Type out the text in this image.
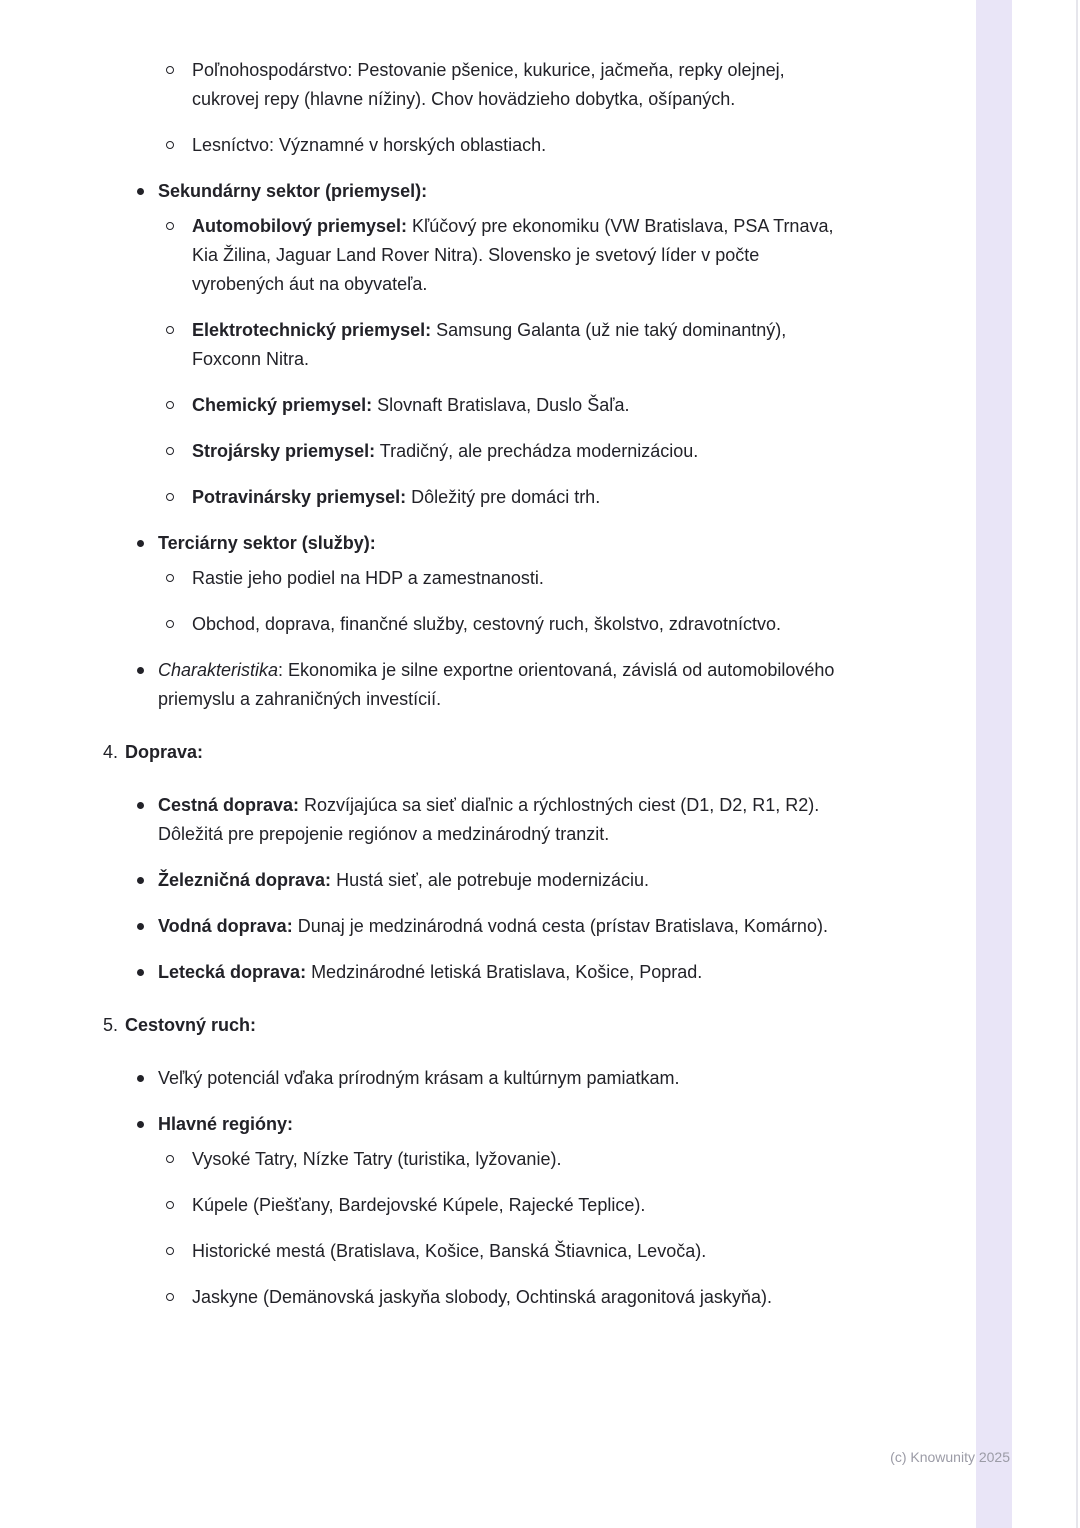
Poľnohospodárstvo: Pestovanie pšenice, kukurice, jačmeňa, repky olejnej, cukrovej repy (hlavne nížiny). Chov hovädzieho dobytka, ošípaných.
Lesníctvo: Významné v horských oblastiach.
Sekundárny sektor (priemysel):
Automobilový priemysel: Kľúčový pre ekonomiku (VW Bratislava, PSA Trnava, Kia Žilina, Jaguar Land Rover Nitra). Slovensko je svetový líder v počte vyrobených áut na obyvateľa.
Elektrotechnický priemysel: Samsung Galanta (už nie taký dominantný), Foxconn Nitra.
Chemický priemysel: Slovnaft Bratislava, Duslo Šaľa.
Strojársky priemysel: Tradičný, ale prechádza modernizáciou.
Potravinársky priemysel: Dôležitý pre domáci trh.
Terciárny sektor (služby):
Rastie jeho podiel na HDP a zamestnanosti.
Obchod, doprava, finančné služby, cestovný ruch, školstvo, zdravotníctvo.
Charakteristika: Ekonomika je silne exportne orientovaná, závislá od automobilového priemyslu a zahraničných investícií.
4. Doprava:
Cestná doprava: Rozvíjajúca sa sieť diaľnic a rýchlostných ciest (D1, D2, R1, R2). Dôležitá pre prepojenie regiónov a medzinárodný tranzit.
Železničná doprava: Hustá sieť, ale potrebuje modernizáciu.
Vodná doprava: Dunaj je medzinárodná vodná cesta (prístav Bratislava, Komárno).
Letecká doprava: Medzinárodné letiská Bratislava, Košice, Poprad.
5. Cestovný ruch:
Veľký potenciál vďaka prírodným krásam a kultúrnym pamiatkam.
Hlavné regióny:
Vysoké Tatry, Nízke Tatry (turistika, lyžovanie).
Kúpele (Piešťany, Bardejovské Kúpele, Rajecké Teplice).
Historické mestá (Bratislava, Košice, Banská Štiavnica, Levoča).
Jaskyne (Demänovská jaskyňa slobody, Ochtinská aragonitová jaskyňa).
(c) Knowunity 2025
